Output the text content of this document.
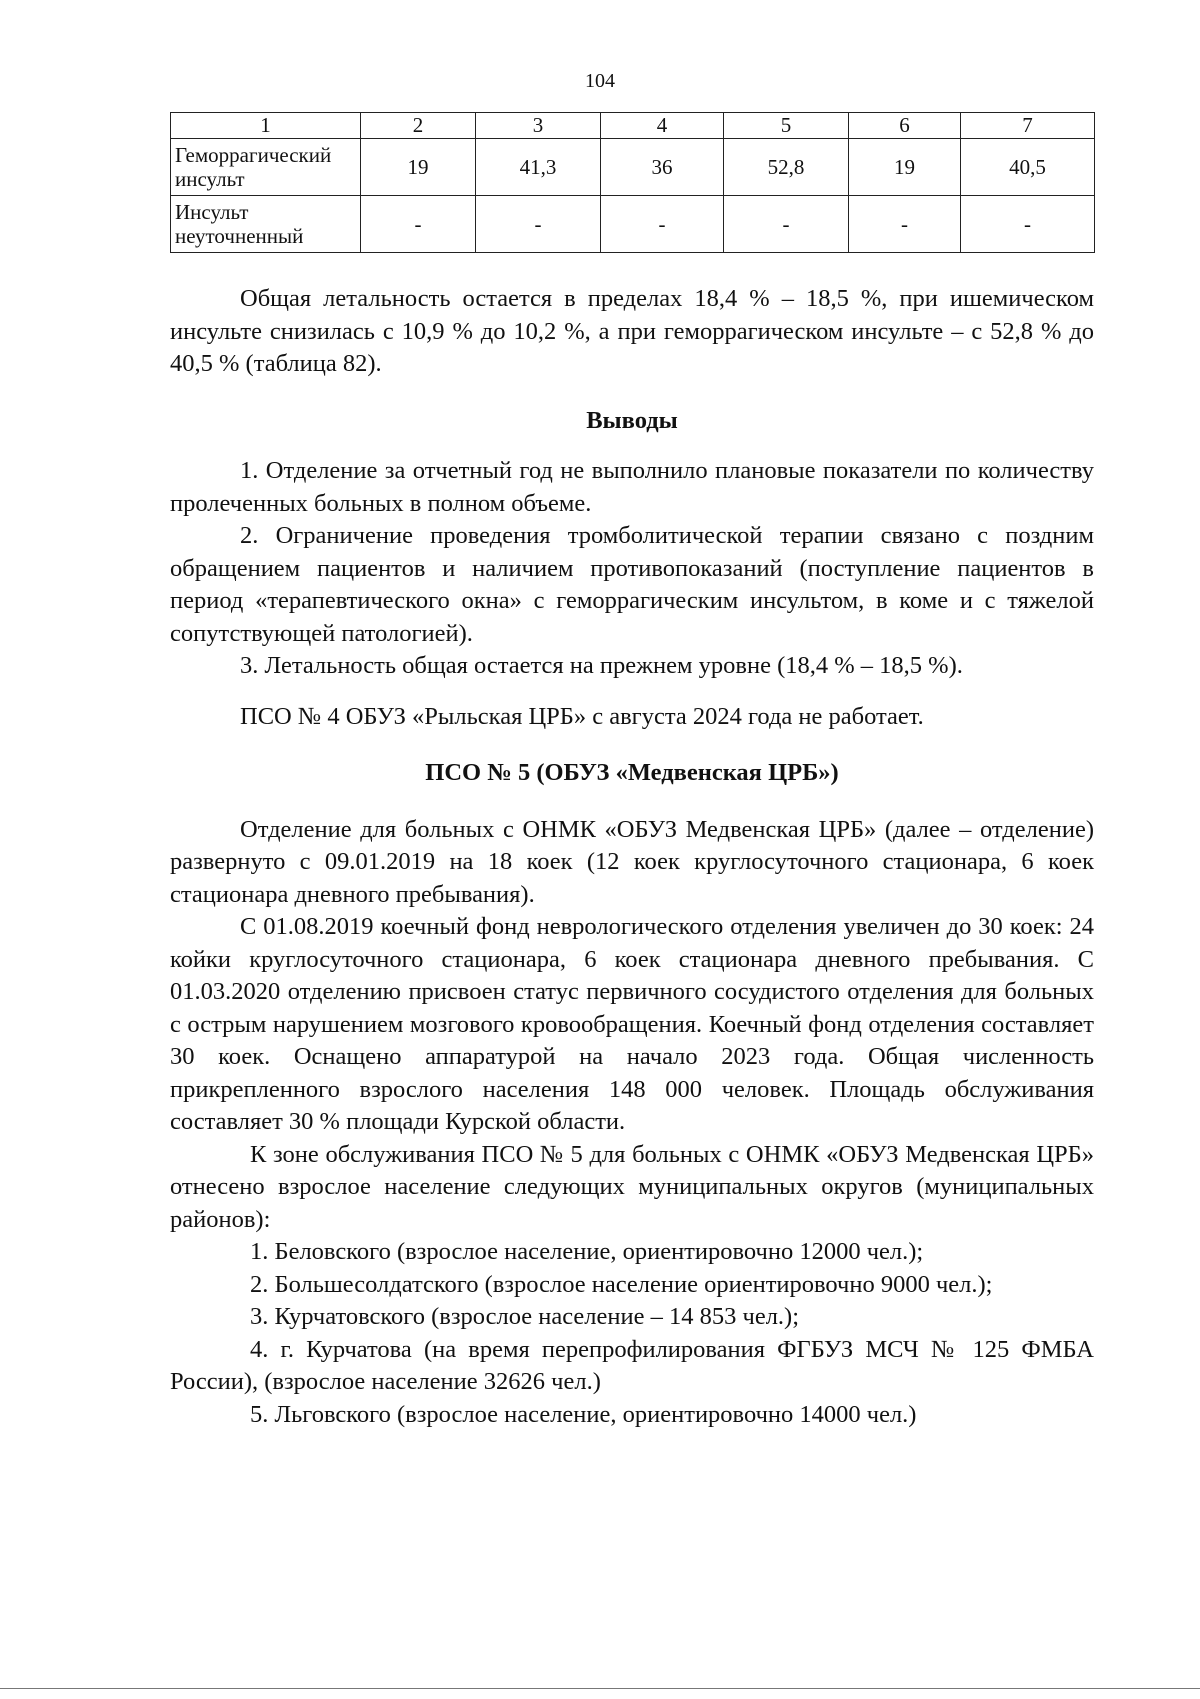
104
1	2	3	4	5	6	7
Геморрагический инсульт	19	41,3	36	52,8	19	40,5
Инсульт неуточненный	-	-	-	-	-	-

Общая летальность остается в пределах 18,4 % – 18,5 %, при ишемическом инсульте снизилась с 10,9 % до 10,2 %, а при геморрагическом инсульте – с 52,8 % до 40,5 % (таблица 82).

Выводы

1. Отделение за отчетный год не выполнило плановые показатели по количеству пролеченных больных в полном объеме.

2. Ограничение проведения тромболитической терапии связано с поздним обращением пациентов и наличием противопоказаний (поступление пациентов в период «терапевтического окна» с геморрагическим инсультом, в коме и с тяжелой сопутствующей патологией).

3. Летальность общая остается на прежнем уровне (18,4 % – 18,5 %).

ПСО № 4 ОБУЗ «Рыльская ЦРБ» с августа 2024 года не работает.

ПСО № 5 (ОБУЗ «Медвенская ЦРБ»)

Отделение для больных с ОНМК «ОБУЗ Медвенская ЦРБ» (далее – отделение) развернуто с 09.01.2019 на 18 коек (12 коек круглосуточного стационара, 6 коек стационара дневного пребывания).

С 01.08.2019 коечный фонд неврологического отделения увеличен до 30 коек: 24 койки круглосуточного стационара, 6 коек стационара дневного пребывания. С 01.03.2020 отделению присвоен статус первичного сосудистого отделения для больных с острым нарушением мозгового кровообращения. Коечный фонд отделения составляет 30 коек. Оснащено аппаратурой на начало 2023 года. Общая численность прикрепленного взрослого населения 148 000 человек. Площадь обслуживания составляет 30 % площади Курской области.

К зоне обслуживания ПСО № 5 для больных с ОНМК «ОБУЗ Медвенская ЦРБ» отнесено взрослое население следующих муниципальных округов (муниципальных районов):

1. Беловского (взрослое население, ориентировочно 12000 чел.);

2. Большесолдатского (взрослое население ориентировочно 9000 чел.);

3. Курчатовского (взрослое население – 14 853 чел.);

4. г. Курчатова (на время перепрофилирования ФГБУЗ МСЧ № 125 ФМБА России), (взрослое население 32626 чел.)

5. Льговского (взрослое население, ориентировочно 14000 чел.)
